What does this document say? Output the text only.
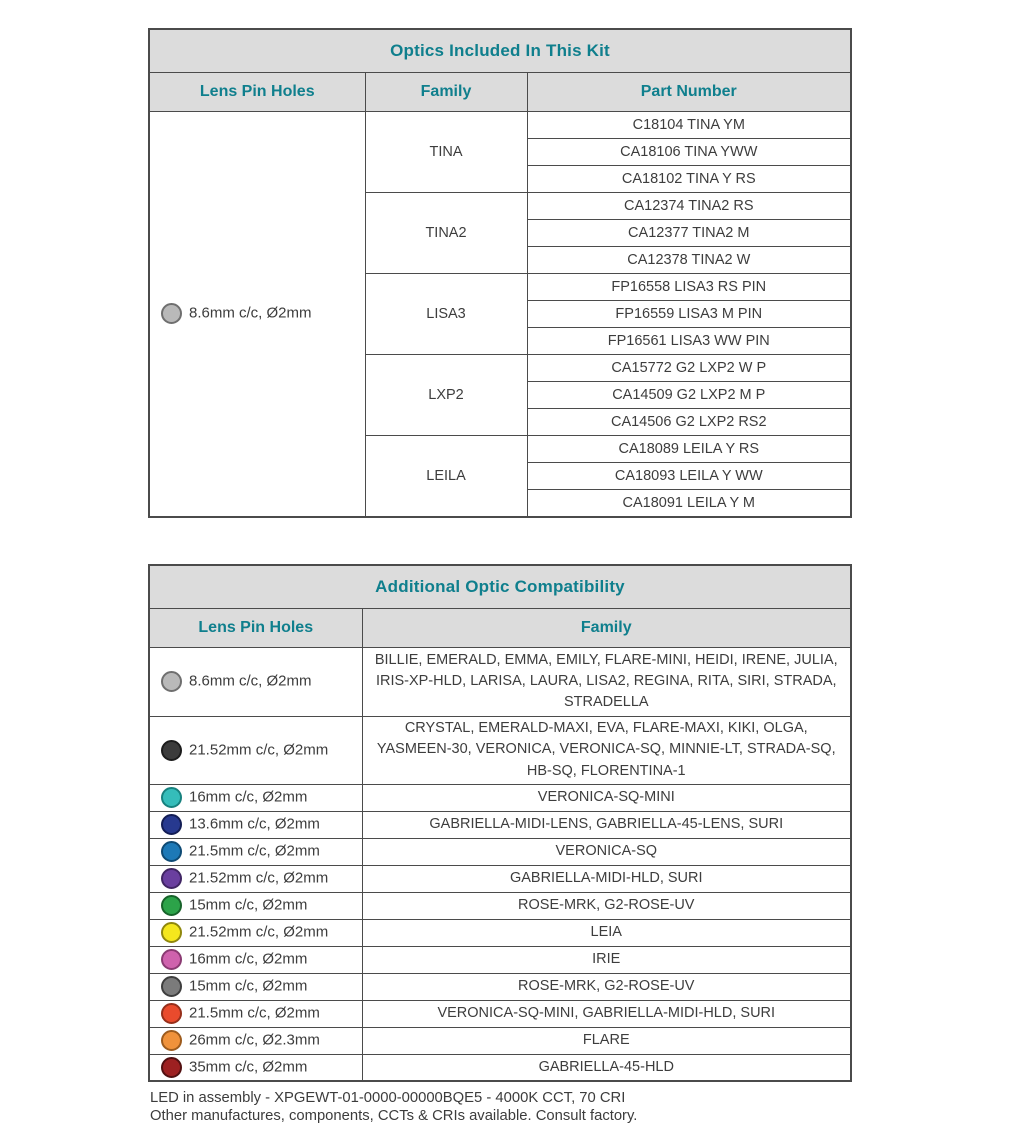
Optics Included In This Kit		
Lens Pin Holes	Family	Part Number
8.6mm c/c, Ø2mm	TINA	C18104 TINA YM
		CA18106 TINA YWW
		CA18102 TINA Y RS
	TINA2	CA12374 TINA2 RS
		CA12377 TINA2 M
		CA12378 TINA2 W
	LISA3	FP16558 LISA3 RS PIN
		FP16559 LISA3 M PIN
		FP16561 LISA3 WW PIN
	LXP2	CA15772 G2 LXP2 W P
		CA14509 G2 LXP2 M P
		CA14506 G2 LXP2 RS2
	LEILA	CA18089 LEILA Y RS
		CA18093 LEILA Y WW
		CA18091 LEILA Y M
Additional Optic Compatibility	
Lens Pin Holes	Family
8.6mm c/c, Ø2mm	BILLIE, EMERALD, EMMA, EMILY, FLARE-MINI, HEIDI, IRENE, JULIA, IRIS-XP-HLD, LARISA, LAURA, LISA2, REGINA, RITA, SIRI, STRADA, STRADELLA
21.52mm c/c, Ø2mm	CRYSTAL, EMERALD-MAXI, EVA, FLARE-MAXI, KIKI, OLGA, YASMEEN-30, VERONICA, VERONICA-SQ, MINNIE-LT, STRADA-SQ, HB-SQ, FLORENTINA-1
16mm c/c, Ø2mm	VERONICA-SQ-MINI
13.6mm c/c, Ø2mm	GABRIELLA-MIDI-LENS, GABRIELLA-45-LENS, SURI
21.5mm c/c, Ø2mm	VERONICA-SQ
21.52mm c/c, Ø2mm	GABRIELLA-MIDI-HLD, SURI
15mm c/c, Ø2mm	ROSE-MRK, G2-ROSE-UV
21.52mm c/c, Ø2mm	LEIA
16mm c/c, Ø2mm	IRIE
15mm c/c, Ø2mm	ROSE-MRK, G2-ROSE-UV
21.5mm c/c, Ø2mm	VERONICA-SQ-MINI, GABRIELLA-MIDI-HLD, SURI
26mm c/c, Ø2.3mm	FLARE
35mm c/c, Ø2mm	GABRIELLA-45-HLD
LED in assembly - XPGEWT-01-0000-00000BQE5 - 4000K CCT, 70 CRI
Other manufactures, components, CCTs & CRIs available. Consult factory.
